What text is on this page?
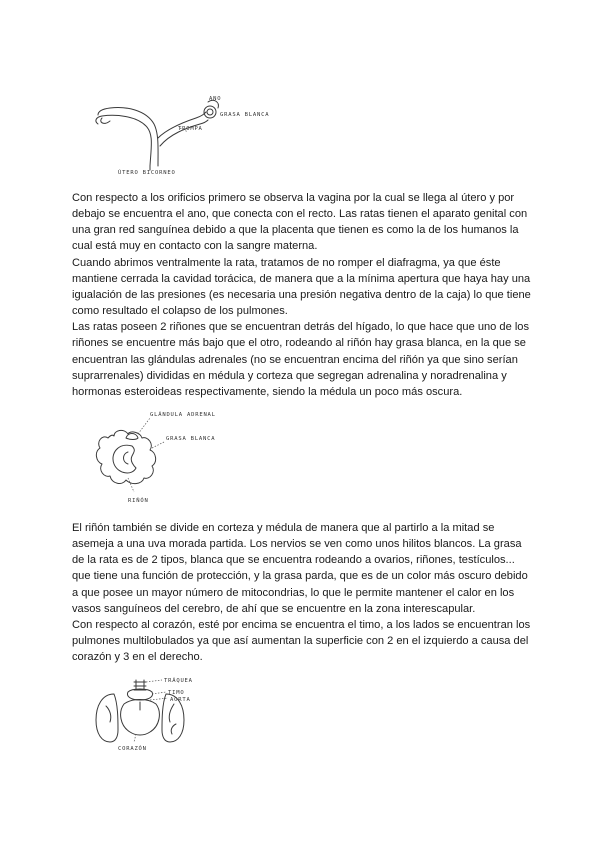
ANO
GRASA BLANCA
TROMPA
ÚTERO BICORNEO

Con respecto a los orificios primero se observa la vagina por la cual se llega al útero y por debajo se encuentra el ano, que conecta con el recto. Las ratas tienen el aparato genital con una gran red sanguínea debido a que la placenta que tienen es como la de los humanos la cual está muy en contacto con la sangre materna.

Cuando abrimos ventralmente la rata, tratamos de no romper el diafragma, ya que éste mantiene cerrada la cavidad torácica, de manera que a la mínima apertura que haya hay una igualación de las presiones (es necesaria una presión negativa dentro de la caja) lo que tiene como resultado el colapso de los pulmones.

Las ratas poseen 2 riñones que se encuentran detrás del hígado, lo que hace que uno de los riñones se encuentre más bajo que el otro, rodeando al riñón hay grasa blanca, en la que se encuentran las glándulas adrenales (no se encuentran encima del riñón ya que sino serían suprarrenales) divididas en médula y corteza que segregan adrenalina y noradrenalina y hormonas esteroideas respectivamente, siendo la médula un poco más oscura.

GLÁNDULA ADRENAL
GRASA BLANCA
RIÑÓN

El riñón también se divide en corteza y médula de manera que al partirlo a la mitad se asemeja a una uva morada partida. Los nervios se ven como unos hilitos blancos. La grasa de la rata es de 2 tipos, blanca que se encuentra rodeando a ovarios, riñones, testículos... que tiene una función de protección, y la grasa parda, que es de un color más oscuro debido a que posee un mayor número de mitocondrias, lo que le permite mantener el calor en los vasos sanguíneos del cerebro, de ahí que se encuentre en la zona interescapular.

Con respecto al corazón, esté por encima se encuentra el timo, a los lados se encuentran los pulmones multilobulados ya que así aumentan la superficie con 2 en el izquierdo a causa del corazón y 3 en el derecho.

TRÁQUEA
TIMO
AORTA
CORAZÓN
